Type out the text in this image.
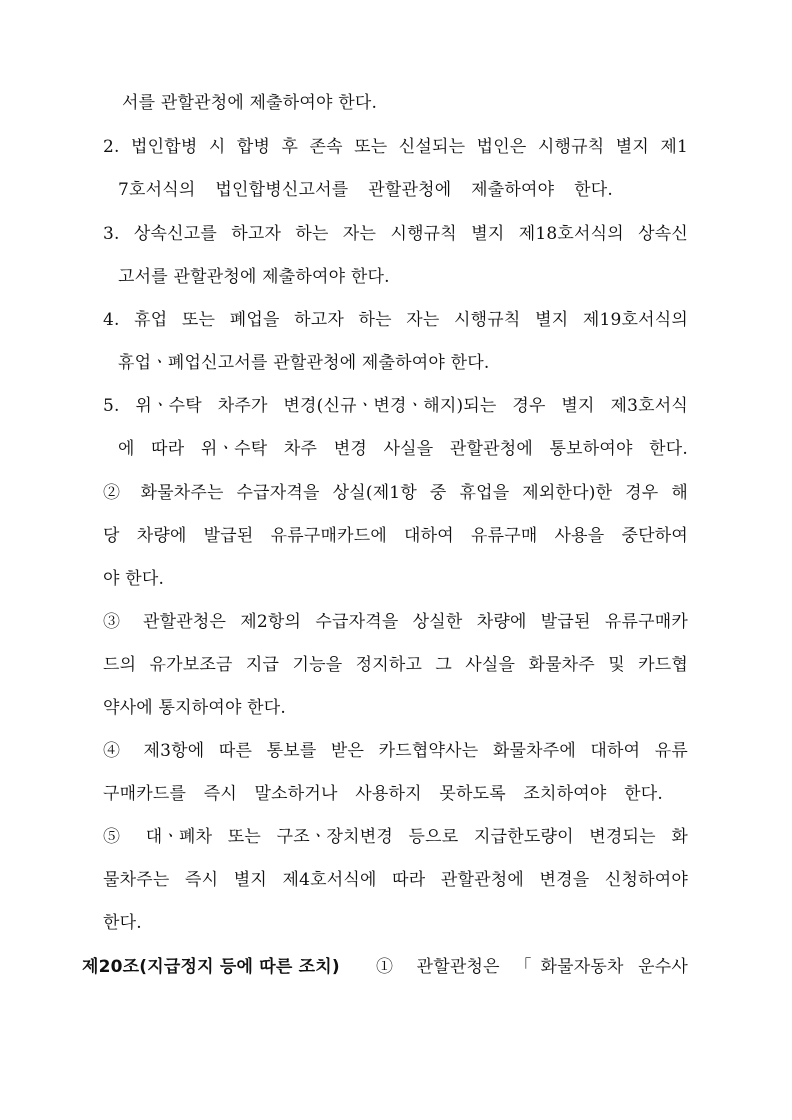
서를 관할관청에 제출하여야 한다.
2. 법인합병 시 합병 후 존속 또는 신설되는 법인은 시행규칙 별지 제1
7호서식의 법인합병신고서를 관할관청에 제출하여야 한다.
3. 상속신고를 하고자 하는 자는 시행규칙 별지 제18호서식의 상속신
고서를 관할관청에 제출하여야 한다.
4. 휴업 또는 폐업을 하고자 하는 자는 시행규칙 별지 제19호서식의
휴업ㆍ폐업신고서를 관할관청에 제출하여야 한다.
5. 위ㆍ수탁 차주가 변경(신규ㆍ변경ㆍ해지)되는 경우 별지 제3호서식
에 따라 위ㆍ수탁 차주 변경 사실을 관할관청에 통보하여야 한다.
② 화물차주는 수급자격을 상실(제1항 중 휴업을 제외한다)한 경우 해
당 차량에 발급된 유류구매카드에 대하여 유류구매 사용을 중단하여
야 한다.
③ 관할관청은 제2항의 수급자격을 상실한 차량에 발급된 유류구매카
드의 유가보조금 지급 기능을 정지하고 그 사실을 화물차주 및 카드협
약사에 통지하여야 한다.
④ 제3항에 따른 통보를 받은 카드협약사는 화물차주에 대하여 유류
구매카드를 즉시 말소하거나 사용하지 못하도록 조치하여야 한다.
⑤ 대ㆍ폐차 또는 구조ㆍ장치변경 등으로 지급한도량이 변경되는 화
물차주는 즉시 별지 제4호서식에 따라 관할관청에 변경을 신청하여야
한다.
제20조(지급정지 등에 따른 조치) ① 관할관청은 「화물자동차 운수사
